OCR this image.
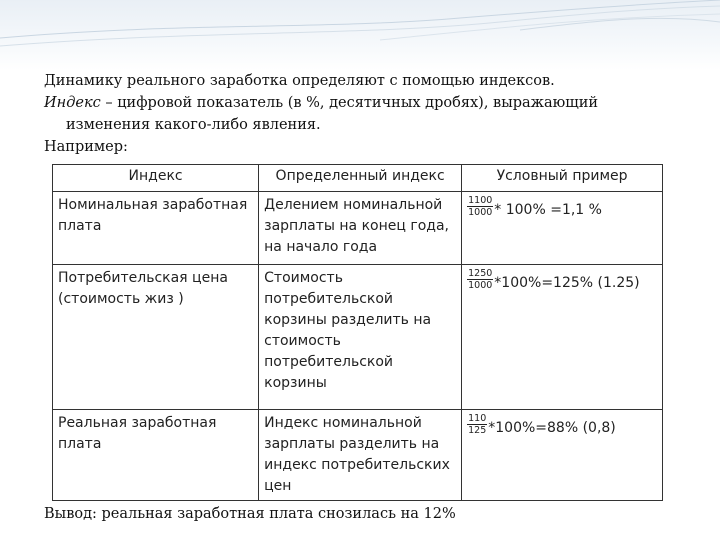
Динамику реального заработка определяют с помощью индексов.

Индекс – цифровой показатель (в %, десятичных дробях), выражающий

изменения какого-либо явления.

Например:

Индекс	Определенный индекс	Условный пример
Номинальная заработная плата	Делением номинальной зарплаты на конец года, на начало года	$\frac{1100}{1000} * 100\% =1,1$ %

Потребительская цена (стоимость жиз )	Стоимость потребительской корзины разделить на стоимость потребительской корзины	$\frac{1250}{1000} *100\%=125\%$ (1.25)

Реальная заработная плата	Индекс номинальной зарплаты разделить на индекс потребительских цен	$\frac{110}{125} *100\%=88\%$ (0,8)
Вывод: реальная заработная плата снозилась на 12%
